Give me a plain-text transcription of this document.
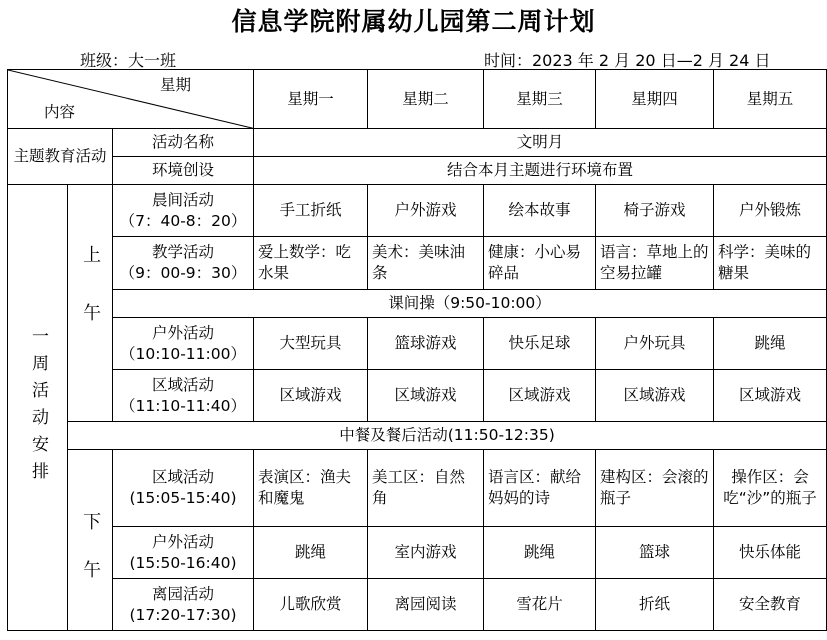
信息学院附属幼儿园第二周计划
班级：大一班	时间：2023 年 2 月 20 日—2 月 24 日
星期
内容			星期一	星期二	星期三	星期四	星期五
主题教育活动		活动名称	文明月				
		环境创设	结合本月主题进行环境布置				

一周活动安排	上午	晨间活动
（7：40-8：20）	手工折纸	户外游戏	绘本故事	椅子游戏	户外锻炼

		教学活动
（9：00-9：30）	爱上数学：吃水果	美术：美味油条	健康：小心易碎品	语言：草地上的空易拉罐	科学：美味的糖果
		课间操（9:50-10:00）					

		户外活动
（10:10-11:00）	大型玩具	篮球游戏	快乐足球	户外玩具	跳绳

		区域活动
（11:10-11:40）	区域游戏	区域游戏	区域游戏	区域游戏	区域游戏
	中餐及餐后活动(11:50-12:35)						

	下午	区域活动
(15:05-15:40)	表演区：渔夫和魔鬼	美工区：自然角	语言区：献给妈妈的诗	建构区：会滚的瓶子	操作区：会吃“沙”的瓶子

		户外活动
(15:50-16:40)	跳绳	室内游戏	跳绳	篮球	快乐体能

		离园活动
(17:20-17:30)	儿歌欣赏	离园阅读	雪花片	折纸	安全教育
